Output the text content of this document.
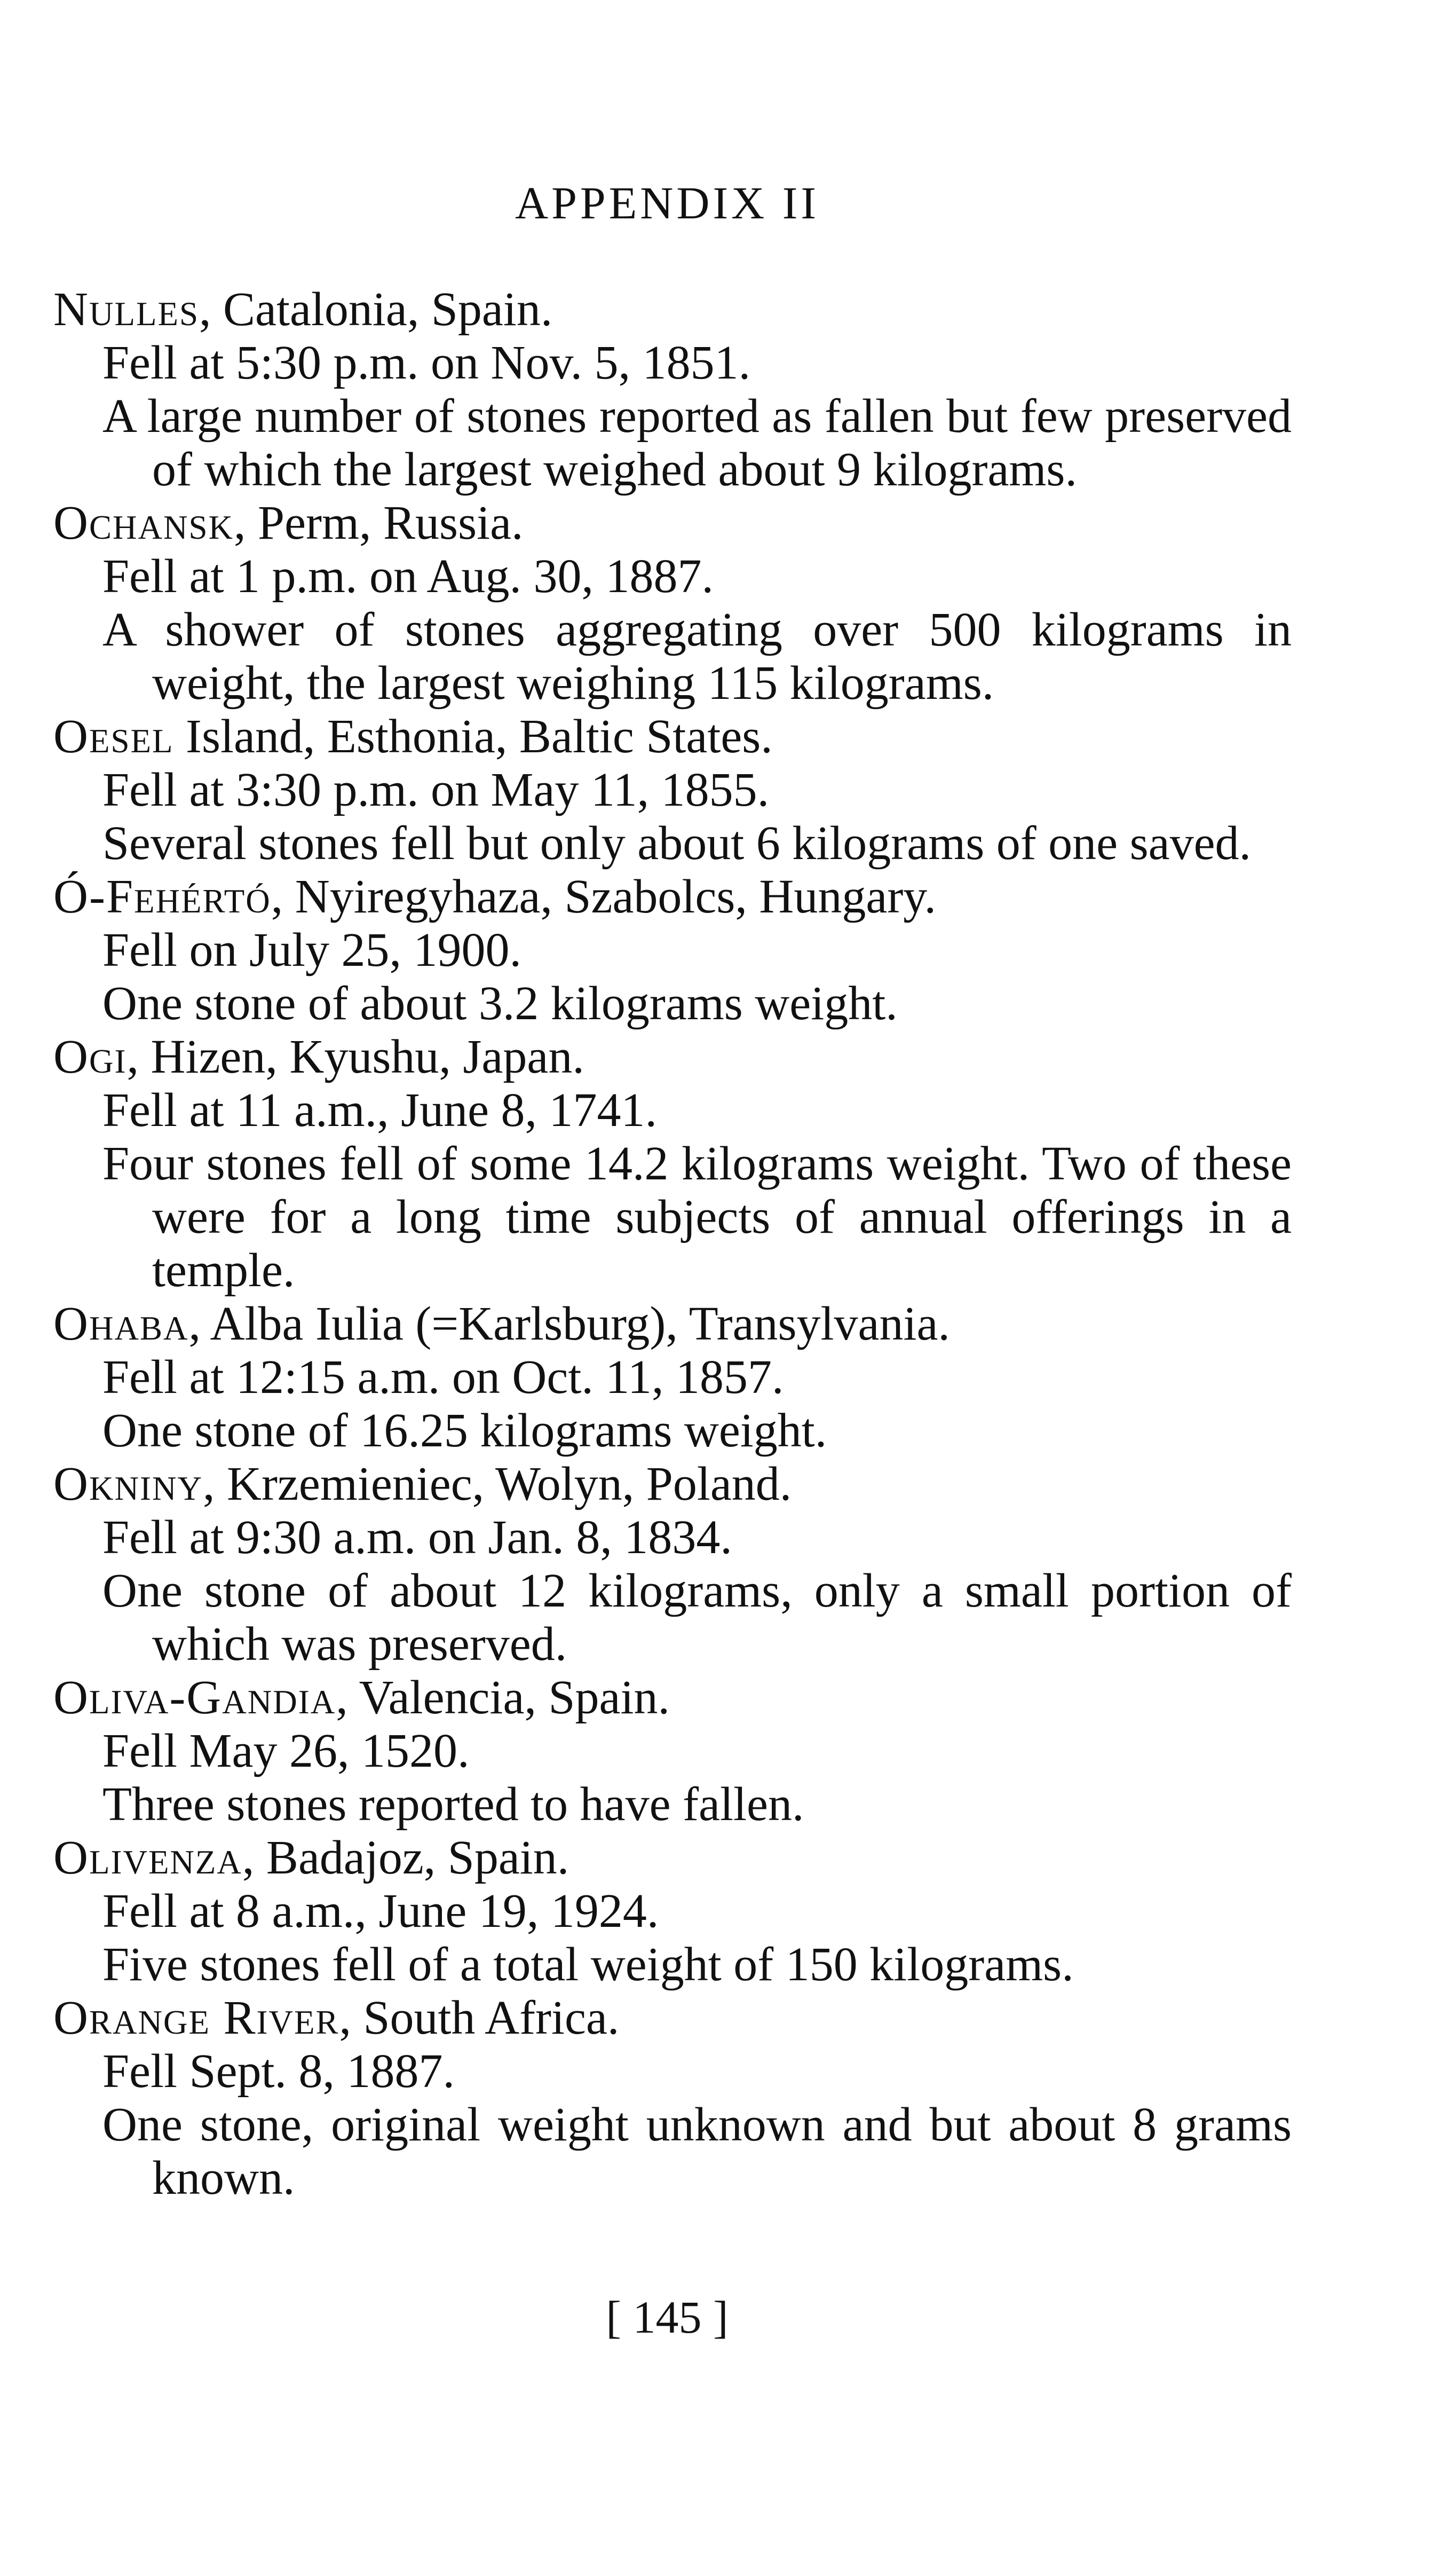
APPENDIX II
Nulles, Catalonia, Spain.
Fell at 5:30 p.m. on Nov. 5, 1851.
A large number of stones reported as fallen but few preserved of which the largest weighed about 9 kilograms.
Ochansk, Perm, Russia.
Fell at 1 p.m. on Aug. 30, 1887.
A shower of stones aggregating over 500 kilograms in weight, the largest weighing 115 kilograms.
Oesel Island, Esthonia, Baltic States.
Fell at 3:30 p.m. on May 11, 1855.
Several stones fell but only about 6 kilograms of one saved.
Ó-Fehértó, Nyiregyhaza, Szabolcs, Hungary.
Fell on July 25, 1900.
One stone of about 3.2 kilograms weight.
Ogi, Hizen, Kyushu, Japan.
Fell at 11 a.m., June 8, 1741.
Four stones fell of some 14.2 kilograms weight. Two of these were for a long time subjects of annual offerings in a temple.
Ohaba, Alba Iulia (=Karlsburg), Transylvania.
Fell at 12:15 a.m. on Oct. 11, 1857.
One stone of 16.25 kilograms weight.
Okniny, Krzemieniec, Wolyn, Poland.
Fell at 9:30 a.m. on Jan. 8, 1834.
One stone of about 12 kilograms, only a small portion of which was preserved.
Oliva-Gandia, Valencia, Spain.
Fell May 26, 1520.
Three stones reported to have fallen.
Olivenza, Badajoz, Spain.
Fell at 8 a.m., June 19, 1924.
Five stones fell of a total weight of 150 kilograms.
Orange River, South Africa.
Fell Sept. 8, 1887.
One stone, original weight unknown and but about 8 grams known.
[ 145 ]
